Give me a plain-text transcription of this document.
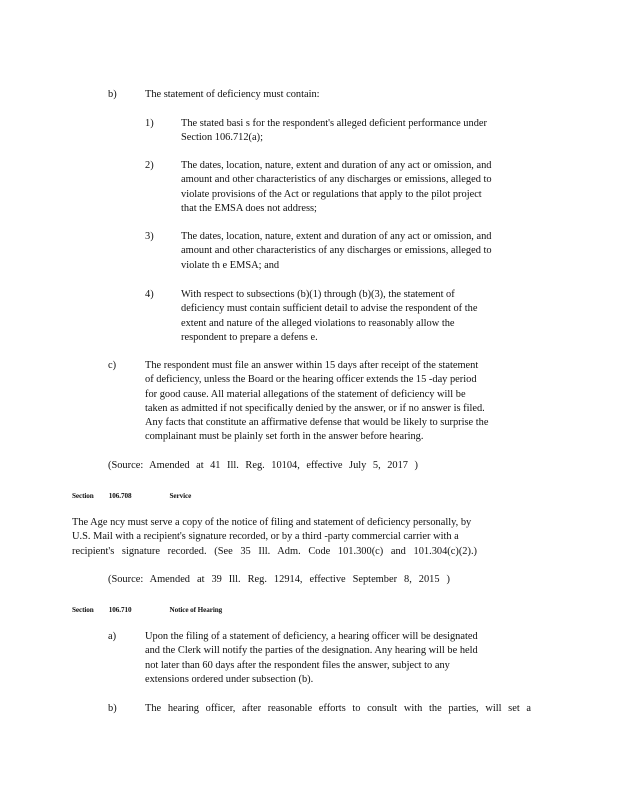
b)	The statement of deficiency must contain:
1)	The stated basi s for the respondent's alleged deficient performance under
Section 106.712(a);
2)	The dates, location, nature, extent and duration of any act or omission, and
amount and other characteristics of any discharges or emissions, alleged to
violate provisions of the Act or regulations that apply to the pilot project
that the EMSA does not address;
3)	The dates, location, nature, extent and duration of any act or omission, and
amount and other characteristics of any discharges or emissions, alleged to
violate th e EMSA; and
4)	With respect to subsections (b)(1) through (b)(3), the statement of
deficiency must contain sufficient detail to advise the respondent of the
extent and nature of the alleged violations to reasonably allow the
respondent to prepare a defens e.
c)	The respondent must file an answer within 15 days after receipt of the statement
of deficiency, unless the Board or the hearing officer extends the 15 -day period
for good cause. All material allegations of the statement of deficiency will be
taken as admitted if not specifically denied by the answer, or if no answer is filed.
Any facts that constitute an affirmative defense that would be likely to surprise the
complainant must be plainly set forth in the answer before hearing.
(Source: Amended at 41 Ill. Reg. 10104, effective July 5, 2017 )
Section 106.708	Service
The Age ncy must serve a copy of the notice of filing and statement of deficiency personally, by
U.S. Mail with a recipient's signature recorded, or by a third -party commercial carrier with a
recipient's signature recorded. (See 35 Ill. Adm. Code 101.300(c) and 101.304(c)(2).)
(Source: Amended at 39 Ill. Reg. 12914, effective September 8, 2015 )
Section 106.710	Notice of Hearing
a)	Upon the filing of a statement of deficiency, a hearing officer will be designated
and the Clerk will notify the parties of the designation. Any hearing will be held
not later than 60 days after the respondent files the answer, subject to any
extensions ordered under subsection (b).
b)	The hearing officer, after reasonable efforts to consult with the parties, will set a
